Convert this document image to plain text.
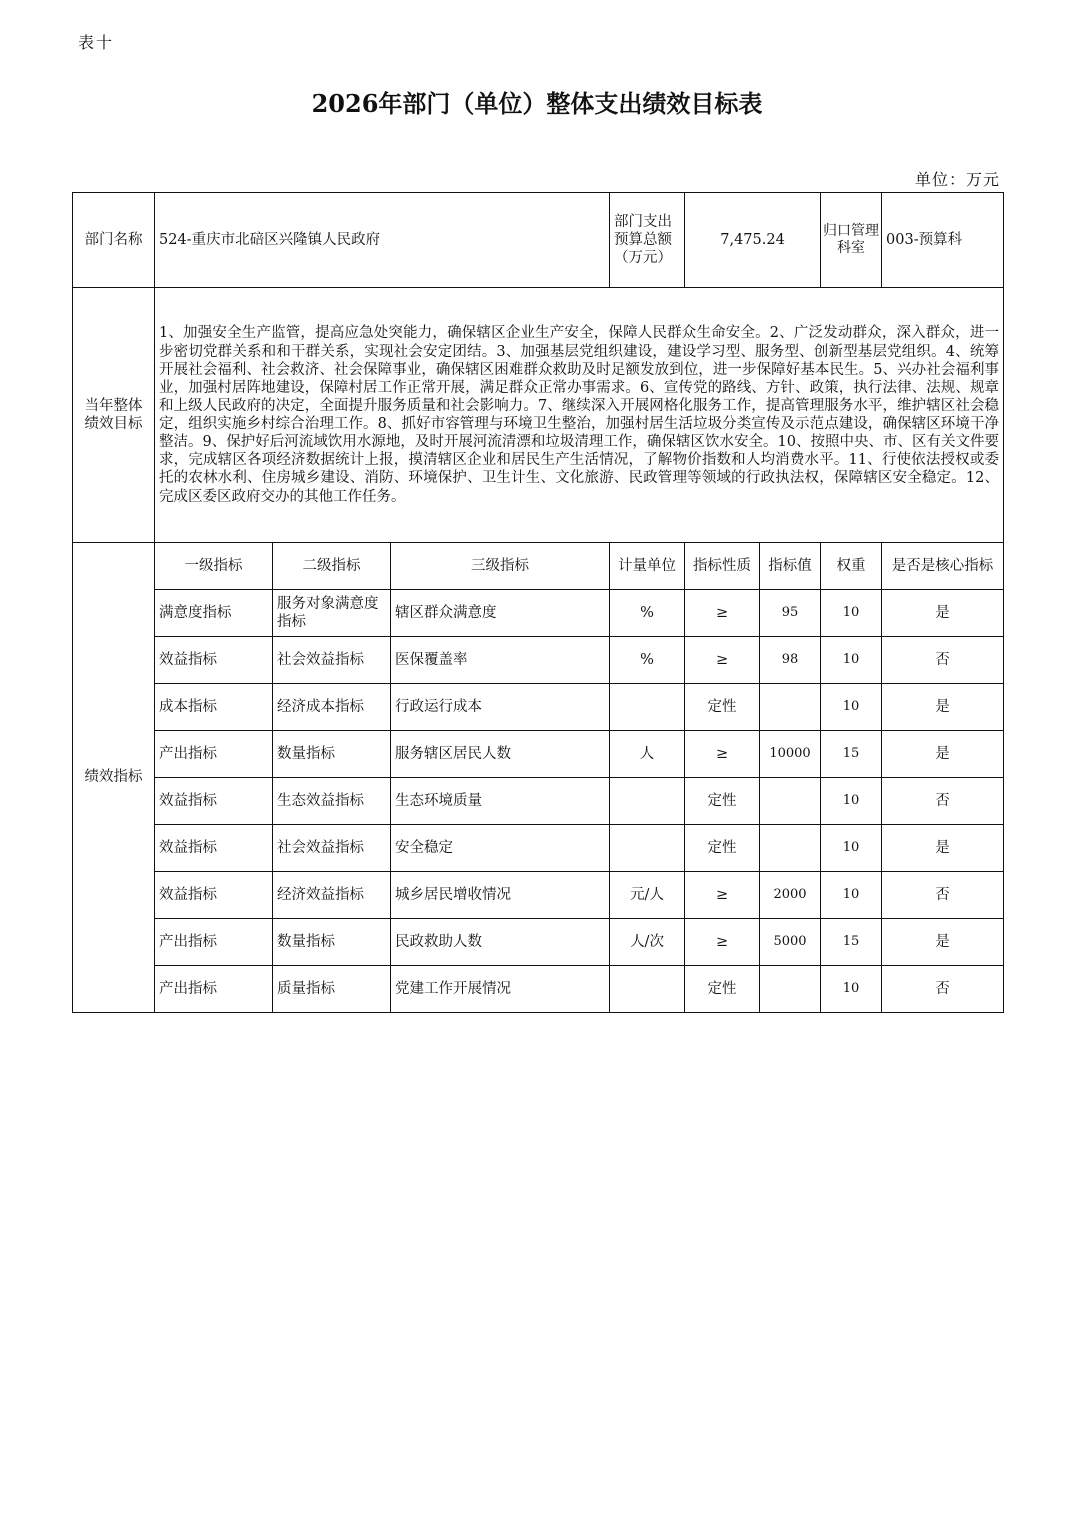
表十
2026年部门（单位）整体支出绩效目标表
单位：万元
部门名称	524-重庆市北碚区兴隆镇人民政府			部门支出预算总额（万元）	7,475.24		归口管理科室	003-预算科
当年整体绩效目标	1、加强安全生产监管，提高应急处突能力，确保辖区企业生产安全，保障人民群众生命安全。2、广泛发动群众，深入群众，进一步密切党群关系和和干群关系，实现社会安定团结。3、加强基层党组织建设，建设学习型、服务型、创新型基层党组织。4、统筹开展社会福利、社会救济、社会保障事业，确保辖区困难群众救助及时足额发放到位，进一步保障好基本民生。5、兴办社会福利事业，加强村居阵地建设，保障村居工作正常开展，满足群众正常办事需求。6、宣传党的路线、方针、政策，执行法律、法规、规章和上级人民政府的决定，全面提升服务质量和社会影响力。7、继续深入开展网格化服务工作，提高管理服务水平，维护辖区社会稳定，组织实施乡村综合治理工作。8、抓好市容管理与环境卫生整治，加强村居生活垃圾分类宣传及示范点建设，确保辖区环境干净整洁。9、保护好后河流域饮用水源地，及时开展河流清漂和垃圾清理工作，确保辖区饮水安全。10、按照中央、市、区有关文件要求，完成辖区各项经济数据统计上报，摸清辖区企业和居民生产生活情况，了解物价指数和人均消费水平。11、行使依法授权或委托的农林水利、住房城乡建设、消防、环境保护、卫生计生、文化旅游、民政管理等领域的行政执法权，保障辖区安全稳定。12、完成区委区政府交办的其他工作任务。							
绩效指标	一级指标	二级指标	三级指标	计量单位	指标性质	指标值	权重	是否是核心指标
	满意度指标	服务对象满意度指标	辖区群众满意度	%	≥	95	10	是
	效益指标	社会效益指标	医保覆盖率	%	≥	98	10	否
	成本指标	经济成本指标	行政运行成本		定性		10	是
	产出指标	数量指标	服务辖区居民人数	人	≥	10000	15	是
	效益指标	生态效益指标	生态环境质量		定性		10	否
	效益指标	社会效益指标	安全稳定		定性		10	是
	效益指标	经济效益指标	城乡居民增收情况	元/人	≥	2000	10	否
	产出指标	数量指标	民政救助人数	人/次	≥	5000	15	是
	产出指标	质量指标	党建工作开展情况		定性		10	否
